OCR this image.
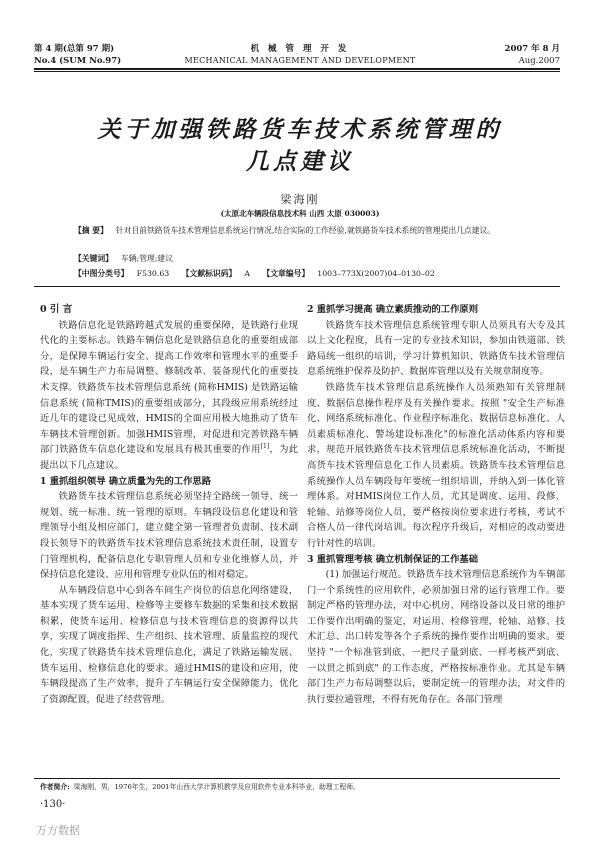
第 4 期(总第 97 期)
No.4 (SUM No.97)
机 械 管 理 开 发
MECHANICAL MANAGEMENT AND DEVELOPMENT
2007 年 8 月
Aug.2007
关于加强铁路货车技术系统管理的
几点建议
梁海刚
(太原北车辆段信息技术科 山西 太原 030003)
【摘 要】 针对目前铁路货车技术管理信息系统运行情况,结合实际的工作经验,就铁路货车技术系统的管理提出几点建议。
【关键词】 车辆;管理;建议
【中图分类号】 F530.63 【文献标识码】 A 【文章编号】 1003–773X(2007)04–0130–02

0 引 言

铁路信息化是铁路跨越式发展的重要保障，是铁路行业现代化的主要标志。铁路车辆信息化是铁路信息化的重要组成部分，是保障车辆运行安全、提高工作效率和管理水平的重要手段，是车辆生产力布局调整、修制改革、装备现代化的重要技术支撑。铁路货车技术管理信息系统 (简称HMIS) 是铁路运输信息系统 (简称TMIS)的重要组成部分，其段级应用系统经过近几年的建设已见成效，HMIS的全面应用极大地推动了货车车辆技术管理创新。加强HMIS管理，对促进和完善铁路车辆部门铁路货车信息化建设和发展具有极其重要的作用[1]，为此提出以下几点建议。

1 重抓组织领导 确立质量为先的工作思路

铁路货车技术管理信息系统必须坚持全路统一领导、统一规划、统一标准、统一管理的原则。车辆段设信息化建设和管理领导小组及相应部门，建立健全第一管理者负责制、技术副段长领导下的铁路货车技术管理信息系统技术责任制，设置专门管理机构，配备信息化专职管理人员和专业化维修人员，并保持信息化建设、应用和管理专业队伍的相对稳定。

从车辆段信息中心到各车间生产岗位的信息化网络建设，基本实现了货车运用、检修等主要修车数据的采集和技术数据积累，使货车运用、检修信息与技术管理信息的资源得以共享，实现了调度指挥、生产组织、技术管理、质量监控的现代化，实现了铁路货车技术管理信息化，满足了铁路运输发展、货车运用、检修信息化的要求。通过HMIS的建设和应用，使车辆段提高了生产效率，提升了车辆运行安全保障能力，优化了资源配置，促进了经营管理。

2 重抓学习提高 确立素质推动的工作原则

铁路货车技术管理信息系统管理专职人员须具有大专及其以上文化程度，具有一定的专业技术知识，参加由铁道部、铁路局统一组织的培训，学习计算机知识、铁路货车技术管理信息系统维护保养及防护、数据库管理以及有关规章制度等。

铁路货车技术管理信息系统操作人员须熟知有关管理制度、数据信息操作程序及有关操作要求。按照 "安全生产标准化、网络系统标准化、作业程序标准化、数据信息标准化、人员素质标准化、警场建设标准化"的标准化活动体系内容和要求，规范开展铁路货车技术管理信息系统标准化活动，不断提高货车技术管理信息化工作人员素质。铁路货车技术管理信息系统操作人员车辆段每年要统一组织培训，并纳入到一体化管理体系。对HMIS岗位工作人员，尤其是调度、运用、段修、轮轴、站修等岗位人员，要严格按岗位要求进行考核，考试不合格人员一律代岗培训。每次程序升级后，对相应的改动要进行针对性的培训。

3 重抓管理考核 确立机制保证的工作基础

(1) 加强运行规范。铁路货车技术管理信息系统作为车辆部门一个系统性的应用软件，必须加强日常的运行管理工作。要制定严格的管理办法，对中心机房、网络设备以及日常的维护工作要作出明确的鉴定，对运用、检修管理，轮轴、站修、技术汇总、出口转发等各个子系统的操作要作出明确的要求。要坚持 "一个标准管到底、一把尺子量到底、一样考核严到底、一以贯之抓到底" 的工作态度，严格按标准作业。尤其是车辆部门生产力布局调整以后，要制定统一的管理办法，对文件的执行要拉通管理，不得有死角存在。各部门管理

作者简介: 梁海刚，男，1976年生，2001年山西大学计算机教学及应用软件专业本科毕业，助理工程师。
·130·
万方数据
